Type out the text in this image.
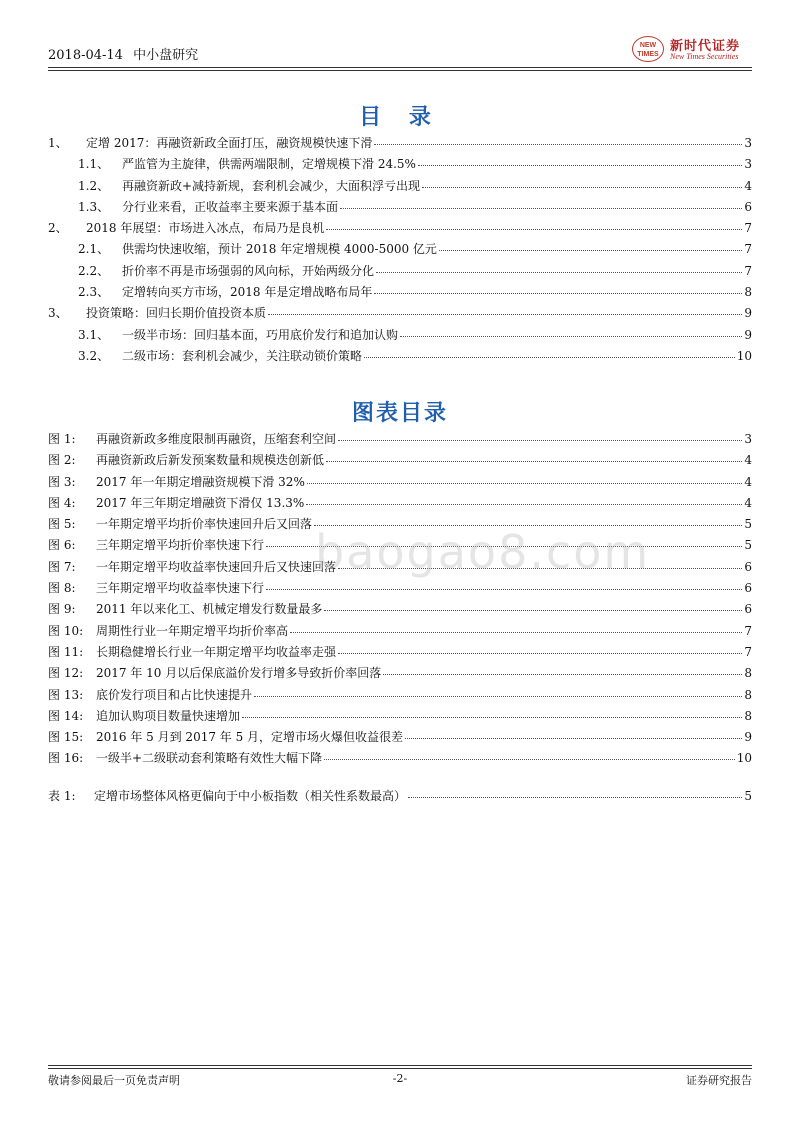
2018-04-14 中小盘研究
NEW TIMES
新时代证券
New Times Securities
目 录
1、	定增 2017：再融资新政全面打压，融资规模快速下滑	3
1.1、	严监管为主旋律，供需两端限制，定增规模下滑 24.5%	3
1.2、	再融资新政+减持新规，套利机会减少，大面积浮亏出现	4
1.3、	分行业来看，正收益率主要来源于基本面	6
2、	2018 年展望：市场进入冰点，布局乃是良机	7
2.1、	供需均快速收缩，预计 2018 年定增规模 4000-5000 亿元	7
2.2、	折价率不再是市场强弱的风向标，开始两级分化	7
2.3、	定增转向买方市场，2018 年是定增战略布局年	8
3、	投资策略：回归长期价值投资本质	9
3.1、	一级半市场：回归基本面，巧用底价发行和追加认购	9
3.2、	二级市场：套利机会减少，关注联动锁价策略	10
图表目录
图 1:	再融资新政多维度限制再融资，压缩套利空间	3
图 2:	再融资新政后新发预案数量和规模迭创新低	4
图 3:	2017 年一年期定增融资规模下滑 32%	4
图 4:	2017 年三年期定增融资下滑仅 13.3%	4
图 5:	一年期定增平均折价率快速回升后又回落	5
图 6:	三年期定增平均折价率快速下行	5
图 7:	一年期定增平均收益率快速回升后又快速回落	6
图 8:	三年期定增平均收益率快速下行	6
图 9:	2011 年以来化工、机械定增发行数量最多	6
图 10:	周期性行业一年期定增平均折价率高	7
图 11:	长期稳健增长行业一年期定增平均收益率走强	7
图 12:	2017 年 10 月以后保底溢价发行增多导致折价率回落	8
图 13:	底价发行项目和占比快速提升	8
图 14:	追加认购项目数量快速增加	8
图 15:	2016 年 5 月到 2017 年 5 月，定增市场火爆但收益很差	9
图 16:	一级半+二级联动套利策略有效性大幅下降	10
表 1:	定增市场整体风格更偏向于中小板指数（相关性系数最高）	5
baogao8.com
敬请参阅最后一页免责声明	-2-	证券研究报告
